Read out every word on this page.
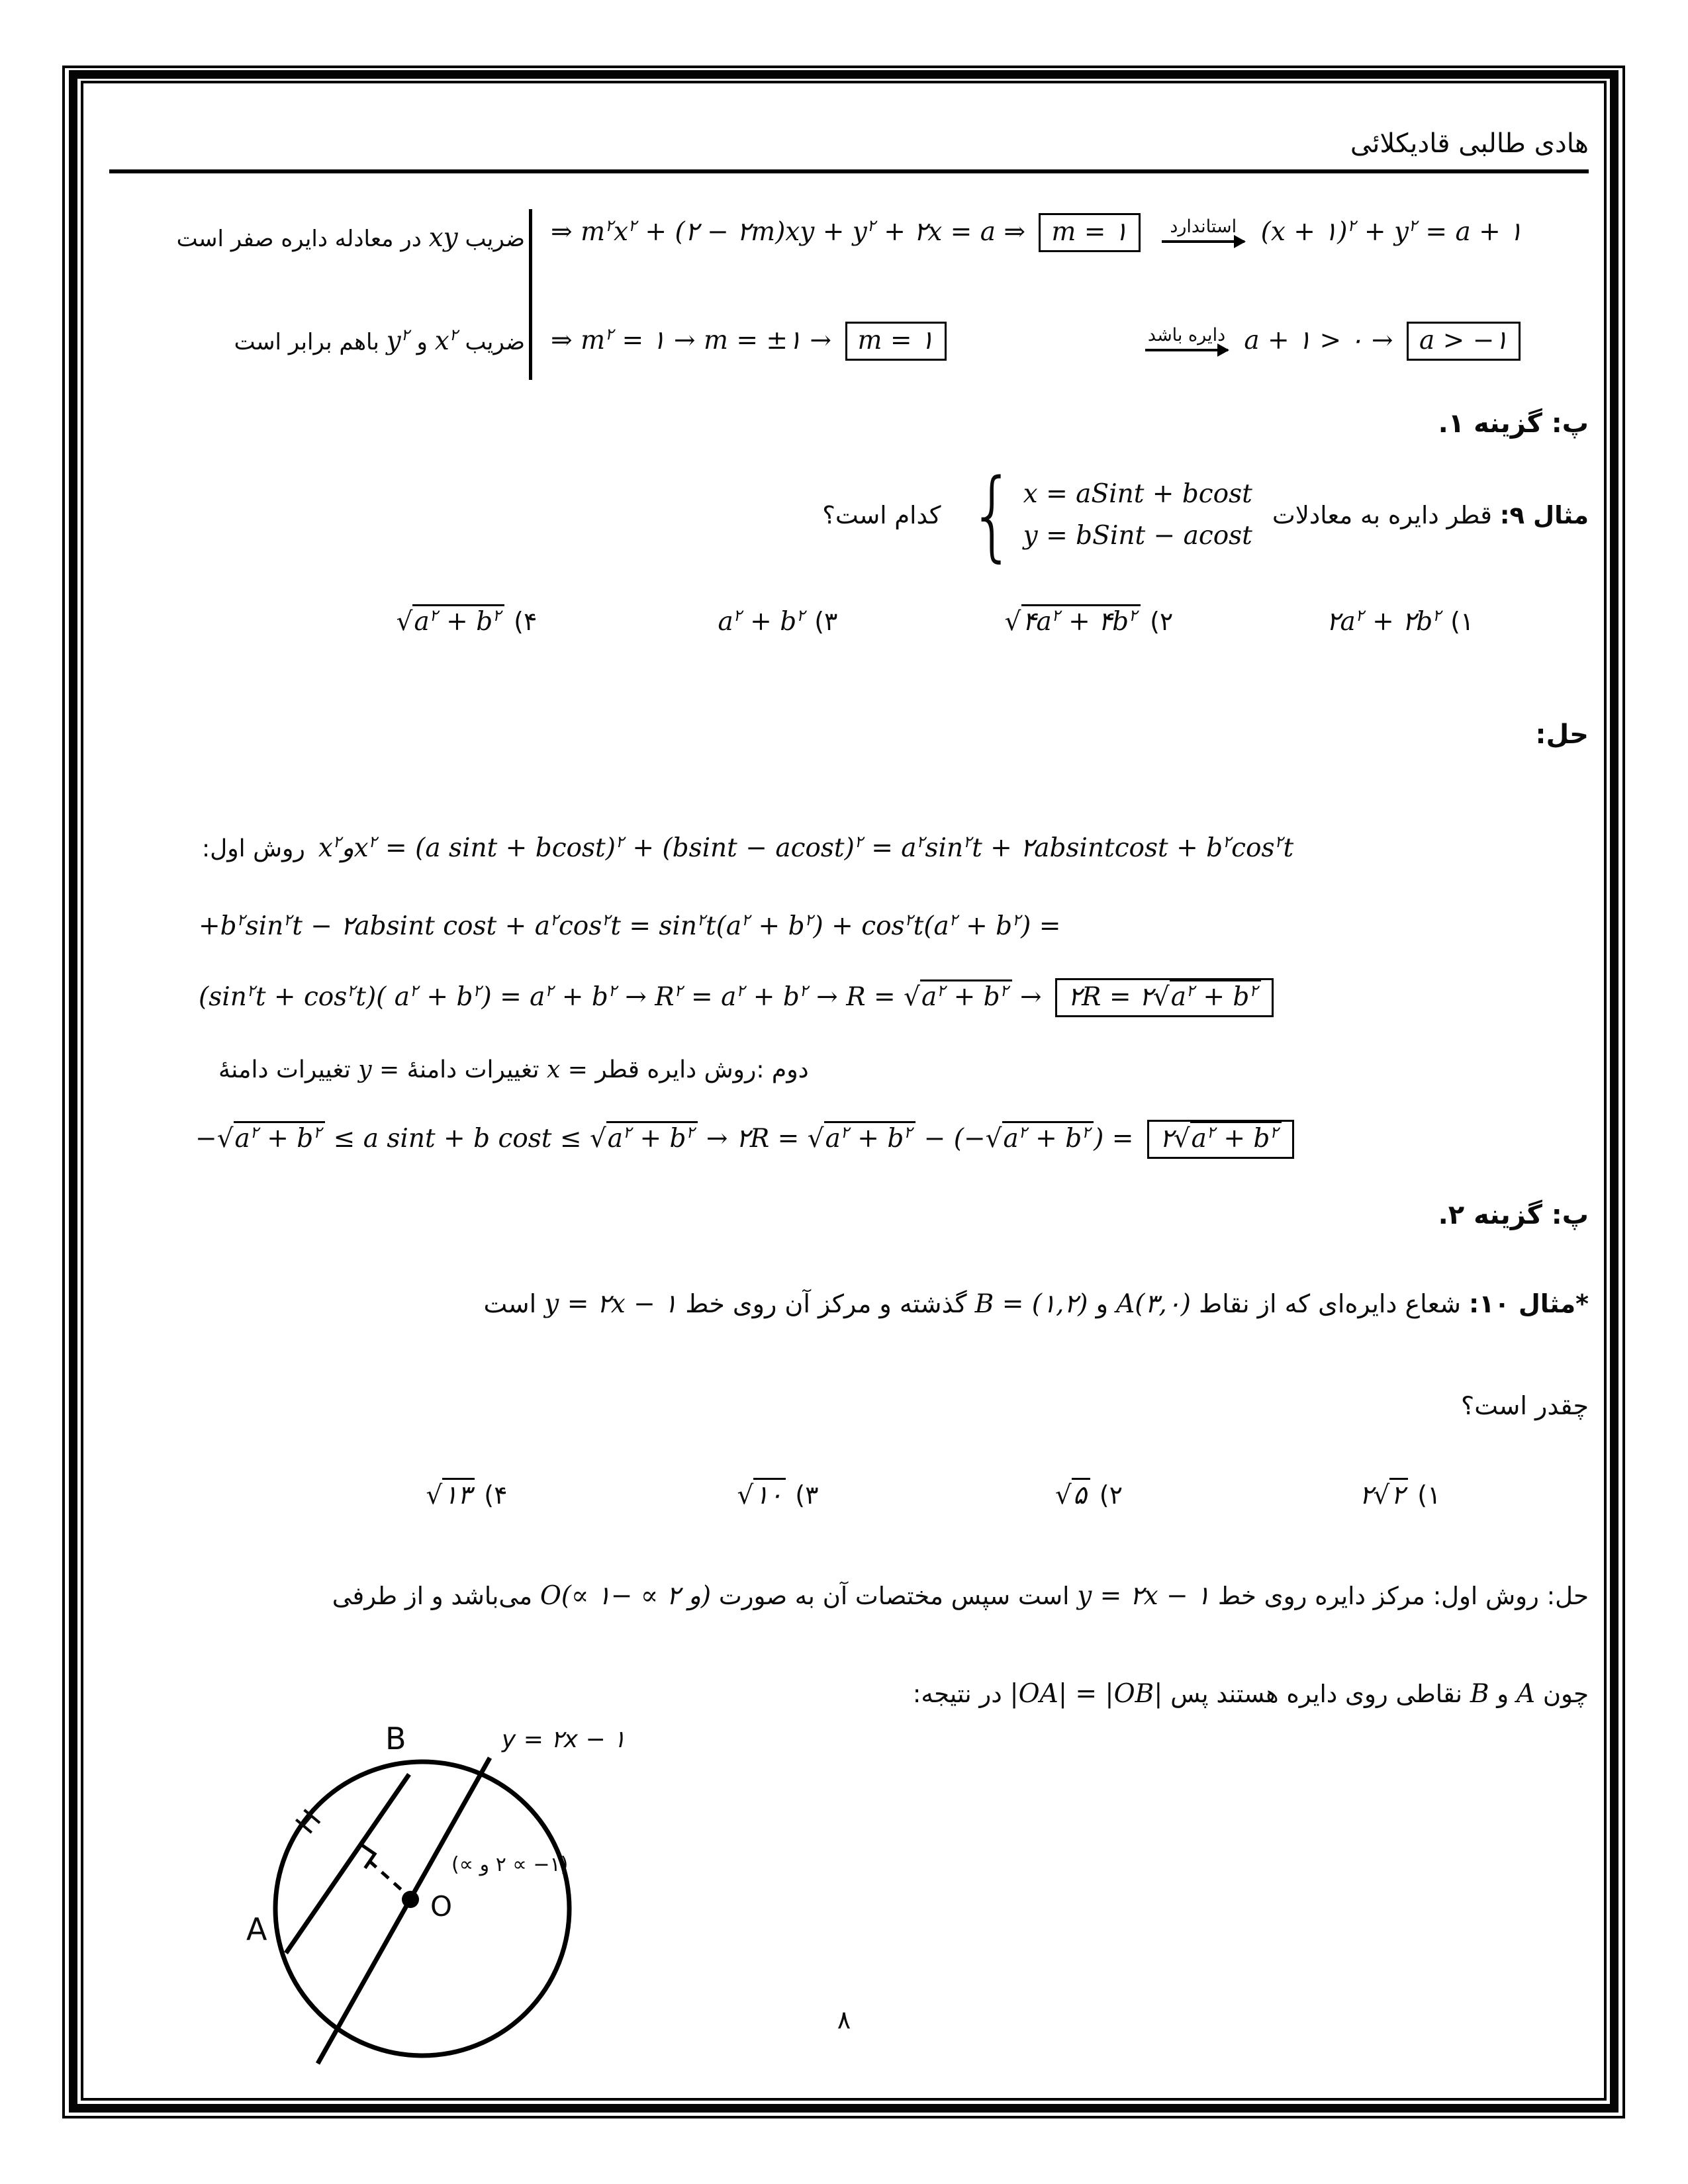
هادی طالبی قادیکلائی
ضریب xy در معادله دایره صفر است
ضریب $x^۲$ و $y^۲$ باهم برابر است
⇒ $m^۲x^۲$ + (۲ − ۲m)xy + $y^۲$ + ۲x = a ⇒ m = ۱ استاندارد (x + ۱)$^۲$ + $y^۲ = a$ + ۱
⇒ $m^۲$ = ۱ → m = ±۱ → m = ۱	دایره باشد a + ۱ > ۰ → a > −۱
پ: گزینه ۱.
مثال ۹: قطر دایره به معادلات
{ x = aSint + bcost
y = bSint − acost
کدام است؟
$۲a^۲$ + $۲b^۲$ (۱
$√۴a^۲$ + $۴b^۲$ (۲
$a^۲ + b^۲$ (۳
$√a^۲ + b^۲$ (۴
حل:
روش اول: $x^۲وx^۲ = (a$ $\sin t + bcost)^۲ + (bsint - acost)^۲ = a^۲\sin^۲t$ + ۲absintcost + $b^۲\cos^۲t$
$+b^۲\sin^۲t$ − ۲absint $\cos t + a^۲\cos^۲t = \sin^۲t(a^۲ + b^۲) + \cos^۲t(a^۲ + b^۲)$ =
$(\sin^۲t + \cos^۲t)$( $a^۲ + b^۲) = a^۲ + b^۲ \to R^۲ = a^۲ + b^۲ \to R = √a^۲ + b^۲$ → ۲R = $۲√a^۲ + b^۲$
دامنۀ تغییرات y = دامنۀ تغییرات x = قطر دایره :روش دوم
$-√a^۲ + b^۲ \le a$ sint + b $\cos t \le √a^۲ + b^۲$ → ۲R = $√a^۲ + b^۲ - (-√a^۲ + b^۲$ ) = $۲√a^۲ + b^۲$
پ: گزینه ۲.
*مثال ۱۰: شعاع دایره‌ای که از نقاط A(۳,۰) و B = (۱,۲) گذشته و مرکز آن روی خط y = ۲x − ۱ است
چقدر است؟
۲√۲ (۱
√۵ (۲
√۱۰ (۳
√۱۳ (۴
حل: روش اول: مرکز دایره روی خط y = ۲x − ۱ است سپس مختصات آن به صورت O(∝ و ۲ ∝ −۱) می‌باشد و از طرفی
چون A و B نقاطی روی دایره هستند پس |OA| = |OB| در نتیجه:
A
B
H
O
y = ۲x − ۱
(∝ و ۲ ∝ −۱)
۸
